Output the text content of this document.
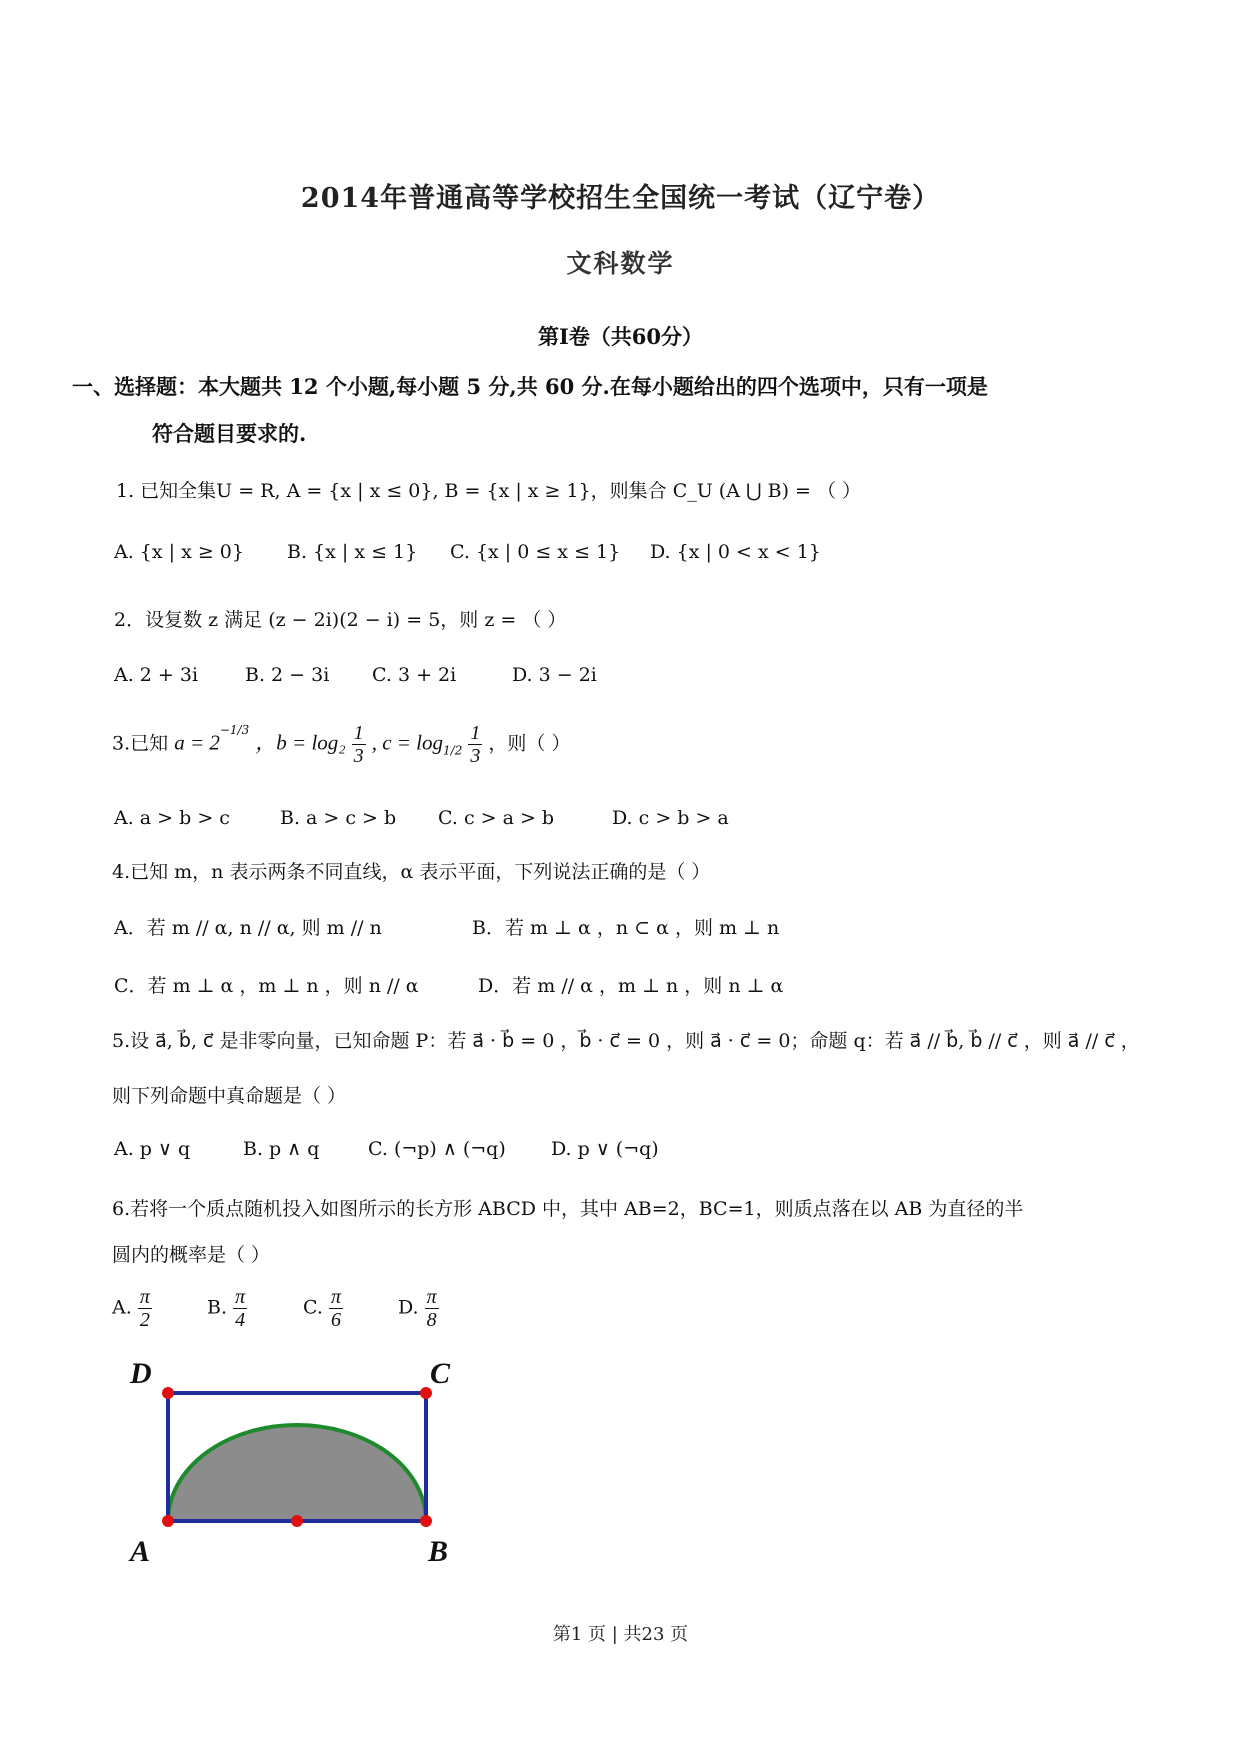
2014年普通高等学校招生全国统一考试（辽宁卷）
文科数学
第Ⅰ卷（共60分）
一、选择题：本大题共 12 个小题,每小题 5 分,共 60 分.在每小题给出的四个选项中，只有一项是
符合题目要求的.
1. 已知全集U = R, A = {x | x ≤ 0}, B = {x | x ≥ 1}，则集合 C_U (A ⋃ B) = （ ）
A. {x | x ≥ 0} B. {x | x ≤ 1} C. {x | 0 ≤ x ≤ 1} D. {x | 0 < x < 1}
2．设复数 z 满足 (z − 2i)(2 − i) = 5，则 z = （ ）
A. 2 + 3i B. 2 − 3i C. 3 + 2i	D. 3 − 2i
3.已知 $a = 2^{-1/3}$ ，$b = \log_2 \frac{1}{3}$ , $c = \log_{1/2} \frac{1}{3}$ ，则（ ）
A. a > b > c	B. a > c > b C. c > a > b	D. c > b > a
4.已知 m，n 表示两条不同直线，α 表示平面，下列说法正确的是（ ）
A．若 m // α, n // α, 则 m // n	B．若 m ⊥ α ，n ⊂ α ，则 m ⊥ n
C．若 m ⊥ α ，m ⊥ n ，则 n // α	D．若 m // α ，m ⊥ n ，则 n ⊥ α
5.设 a⃗, b⃗, c⃗ 是非零向量，已知命题 P：若 a⃗ · b⃗ = 0 ，b⃗ · c⃗ = 0 ，则 a⃗ · c⃗ = 0；命题 q：若 a⃗ // b⃗, b⃗ // c⃗ ，则 a⃗ // c⃗ ，
则下列命题中真命题是（ ）
A. p ∨ q	B. p ∧ q	C. (¬p) ∧ (¬q) D. p ∨ (¬q)
6.若将一个质点随机投入如图所示的长方形 ABCD 中，其中 AB=2，BC=1，则质点落在以 AB 为直径的半
圆内的概率是（ ）
A. $\frac{\pi}{2}$	B. $\frac{\pi}{4}$	C. $\frac{\pi}{6}$	D. $\frac{\pi}{8}$
D	C
A	B
第1 页 | 共23 页
